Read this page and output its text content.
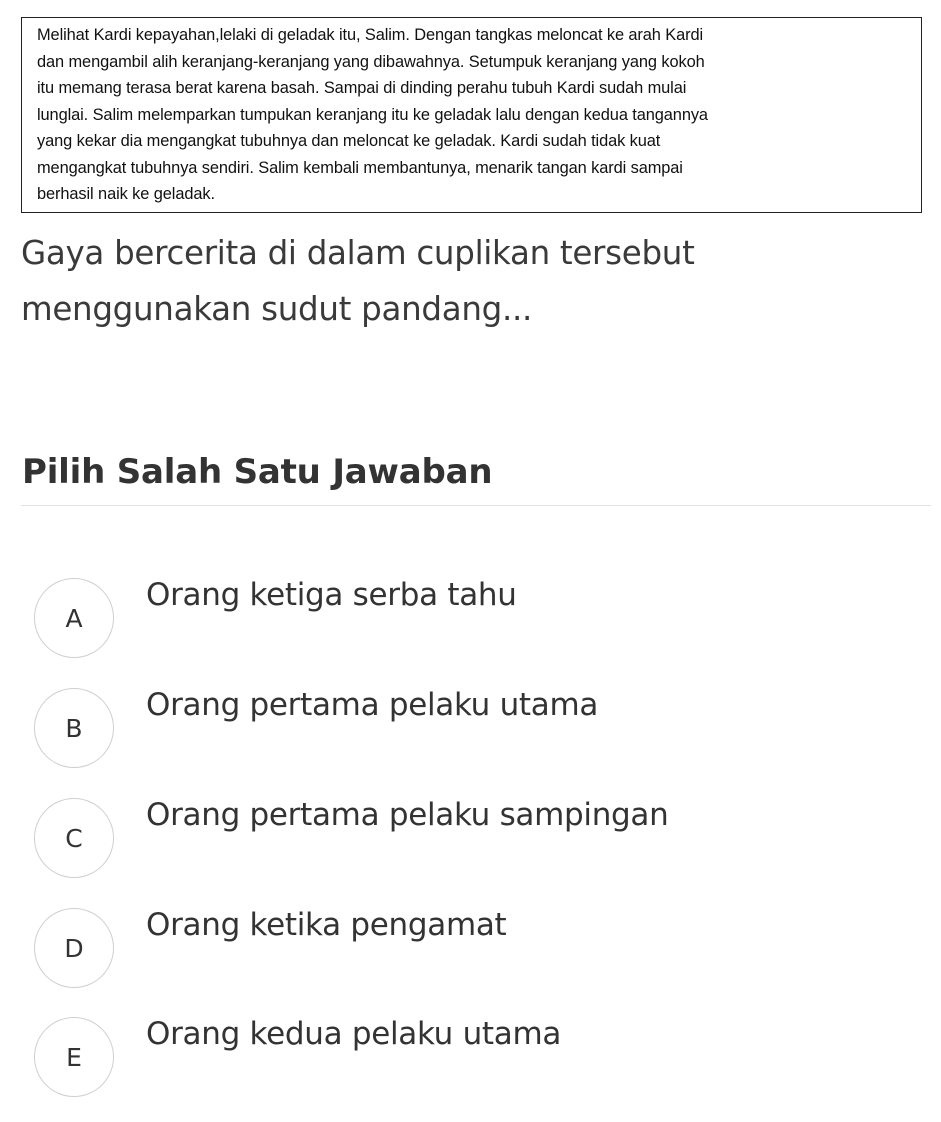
Melihat Kardi kepayahan,lelaki di geladak itu, Salim. Dengan tangkas meloncat ke arah Kardi
dan mengambil alih keranjang-keranjang yang dibawahnya. Setumpuk keranjang yang kokoh
itu memang terasa berat karena basah. Sampai di dinding perahu tubuh Kardi sudah mulai
lunglai. Salim melemparkan tumpukan keranjang itu ke geladak lalu dengan kedua tangannya
yang kekar dia mengangkat tubuhnya dan meloncat ke geladak. Kardi sudah tidak kuat
mengangkat tubuhnya sendiri. Salim kembali membantunya, menarik tangan kardi sampai
berhasil naik ke geladak.

Gaya bercerita di dalam cuplikan tersebut
menggunakan sudut pandang...

Pilih Salah Satu Jawaban
A
Orang ketiga serba tahu
B
Orang pertama pelaku utama
C
Orang pertama pelaku sampingan
D
Orang ketika pengamat
E
Orang kedua pelaku utama
